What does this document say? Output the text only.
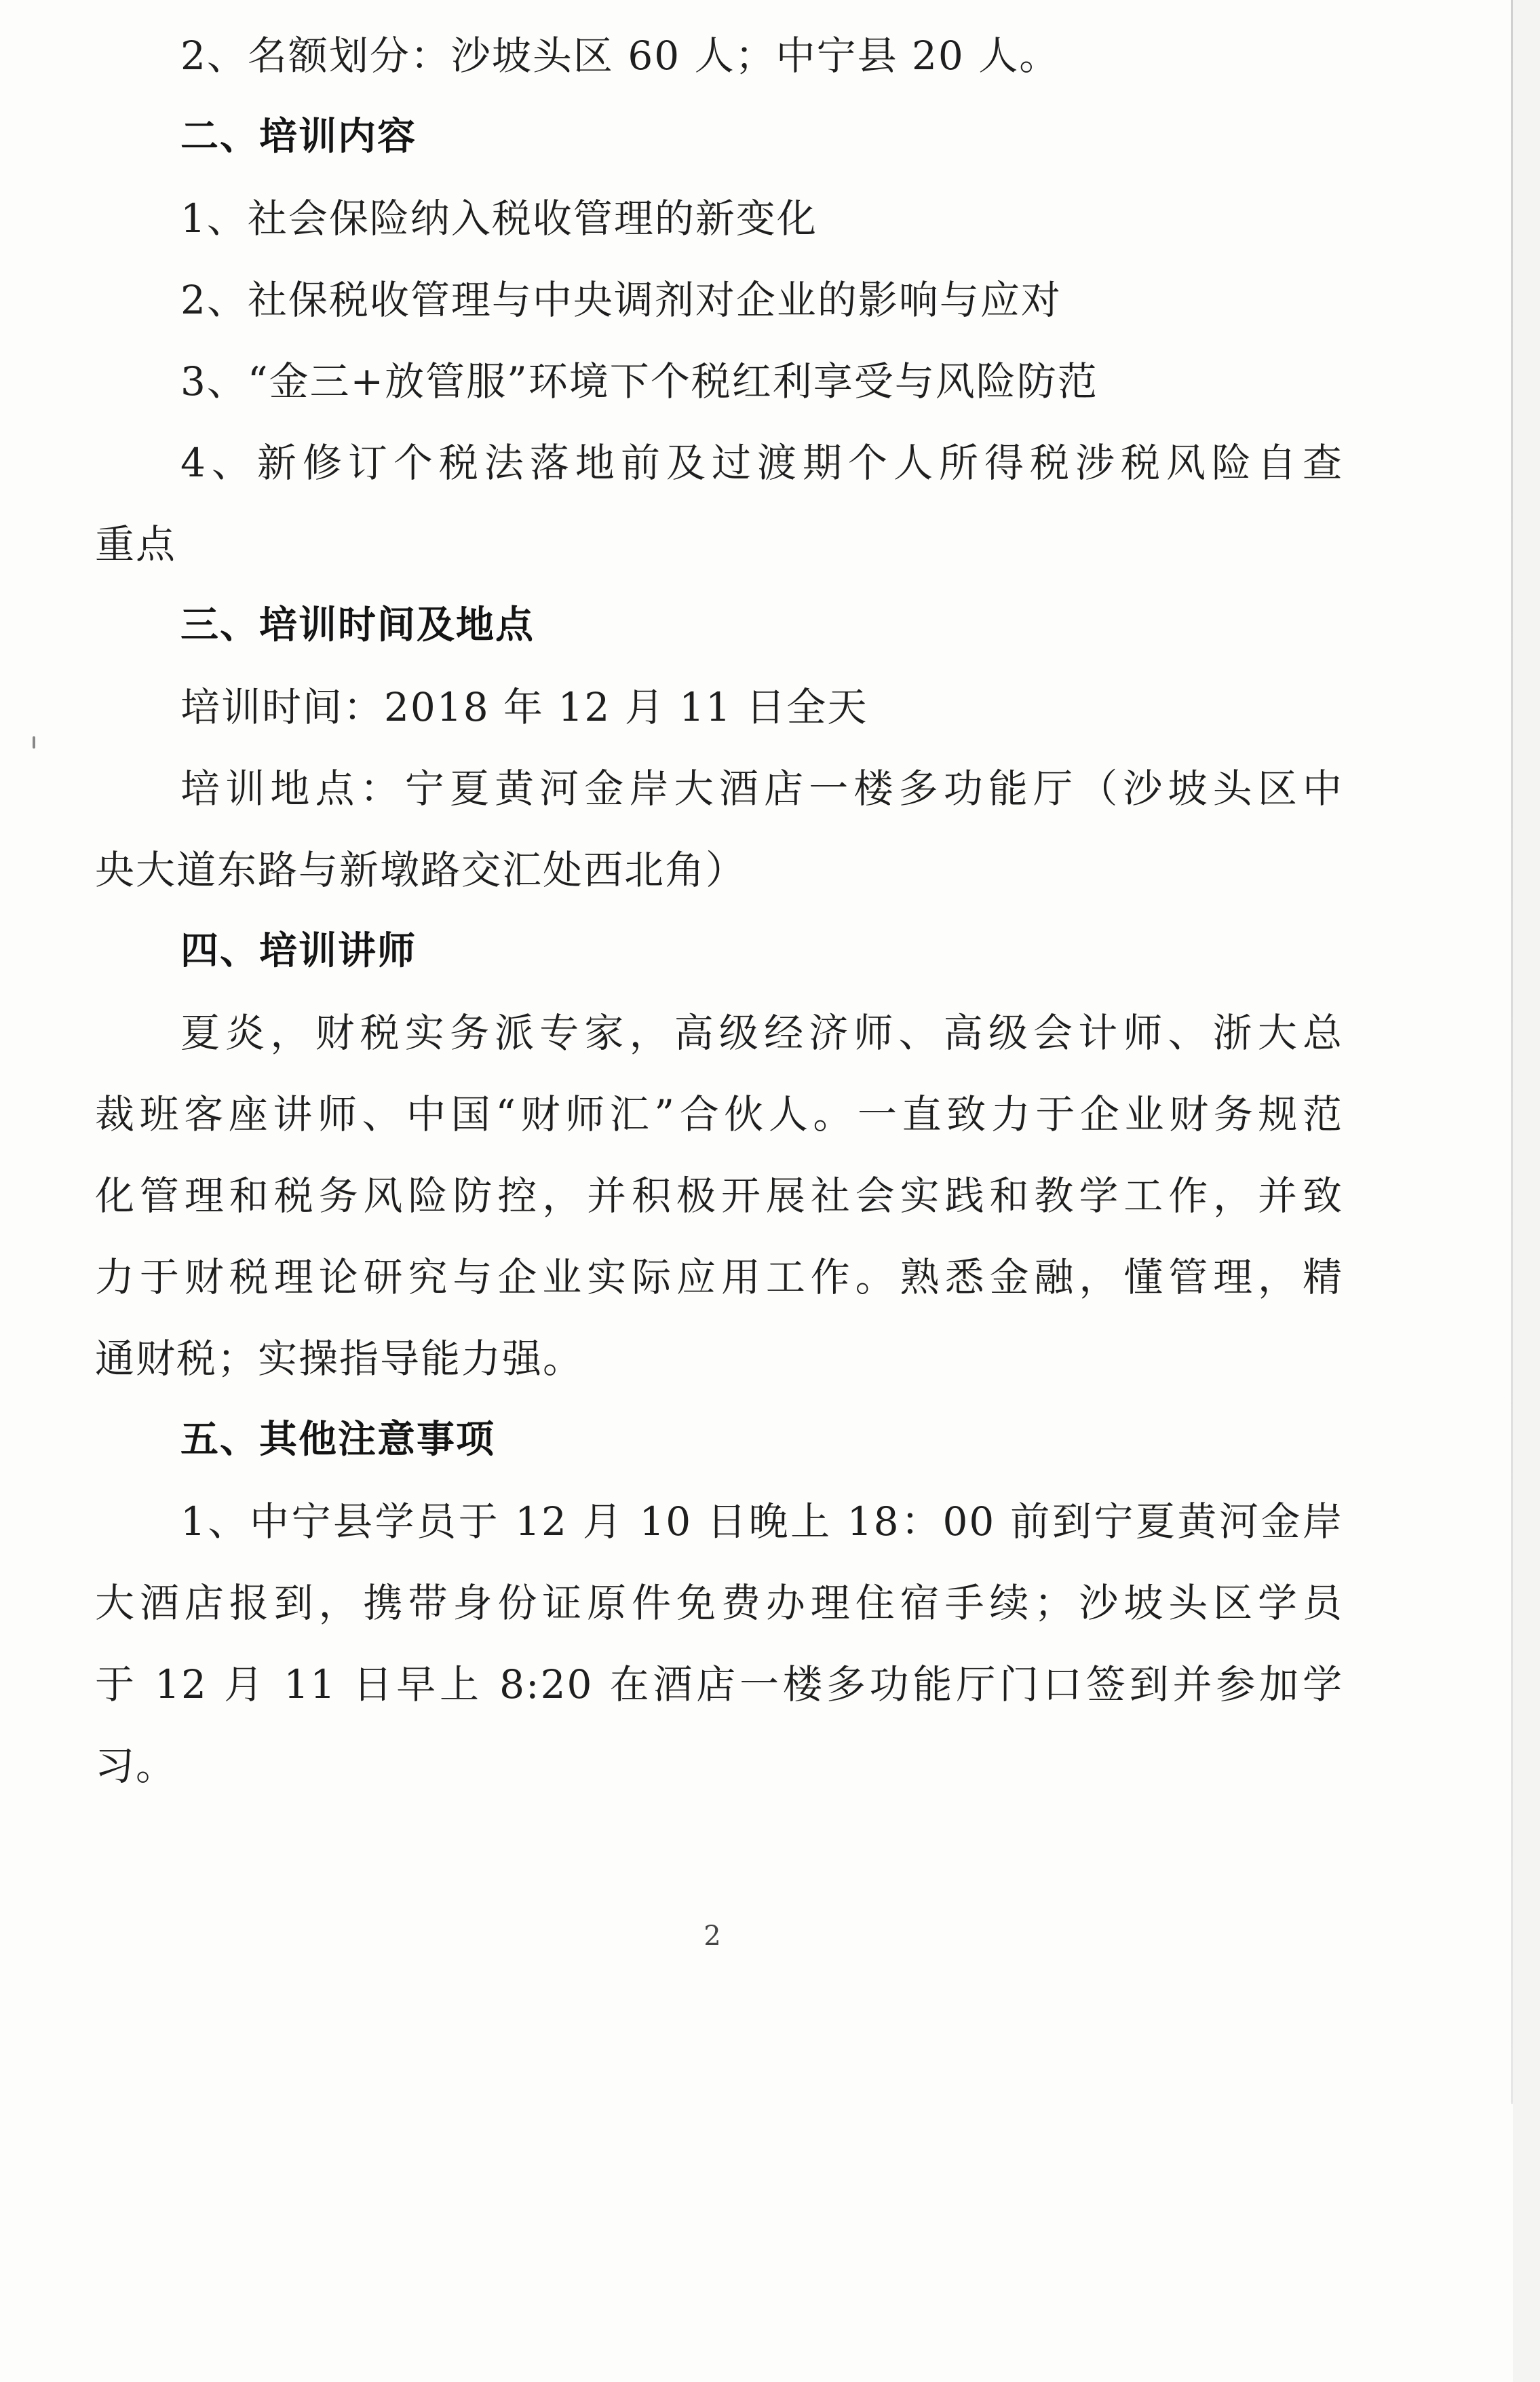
2、名额划分：沙坡头区 60 人；中宁县 20 人。
二、培训内容
1、社会保险纳入税收管理的新变化
2、社保税收管理与中央调剂对企业的影响与应对
3、“金三+放管服”环境下个税红利享受与风险防范
4、新修订个税法落地前及过渡期个人所得税涉税风险自查
重点
三、培训时间及地点
培训时间：2018 年 12 月 11 日全天
培训地点：宁夏黄河金岸大酒店一楼多功能厅（沙坡头区中
央大道东路与新墩路交汇处西北角）
四、培训讲师
夏炎，财税实务派专家，高级经济师、高级会计师、浙大总
裁班客座讲师、中国“财师汇”合伙人。一直致力于企业财务规范
化管理和税务风险防控，并积极开展社会实践和教学工作，并致
力于财税理论研究与企业实际应用工作。熟悉金融，懂管理，精
通财税；实操指导能力强。
五、其他注意事项
1、中宁县学员于 12 月 10 日晚上 18：00 前到宁夏黄河金岸
大酒店报到，携带身份证原件免费办理住宿手续；沙坡头区学员
于 12 月 11 日早上 8:20 在酒店一楼多功能厅门口签到并参加学
习。
2
